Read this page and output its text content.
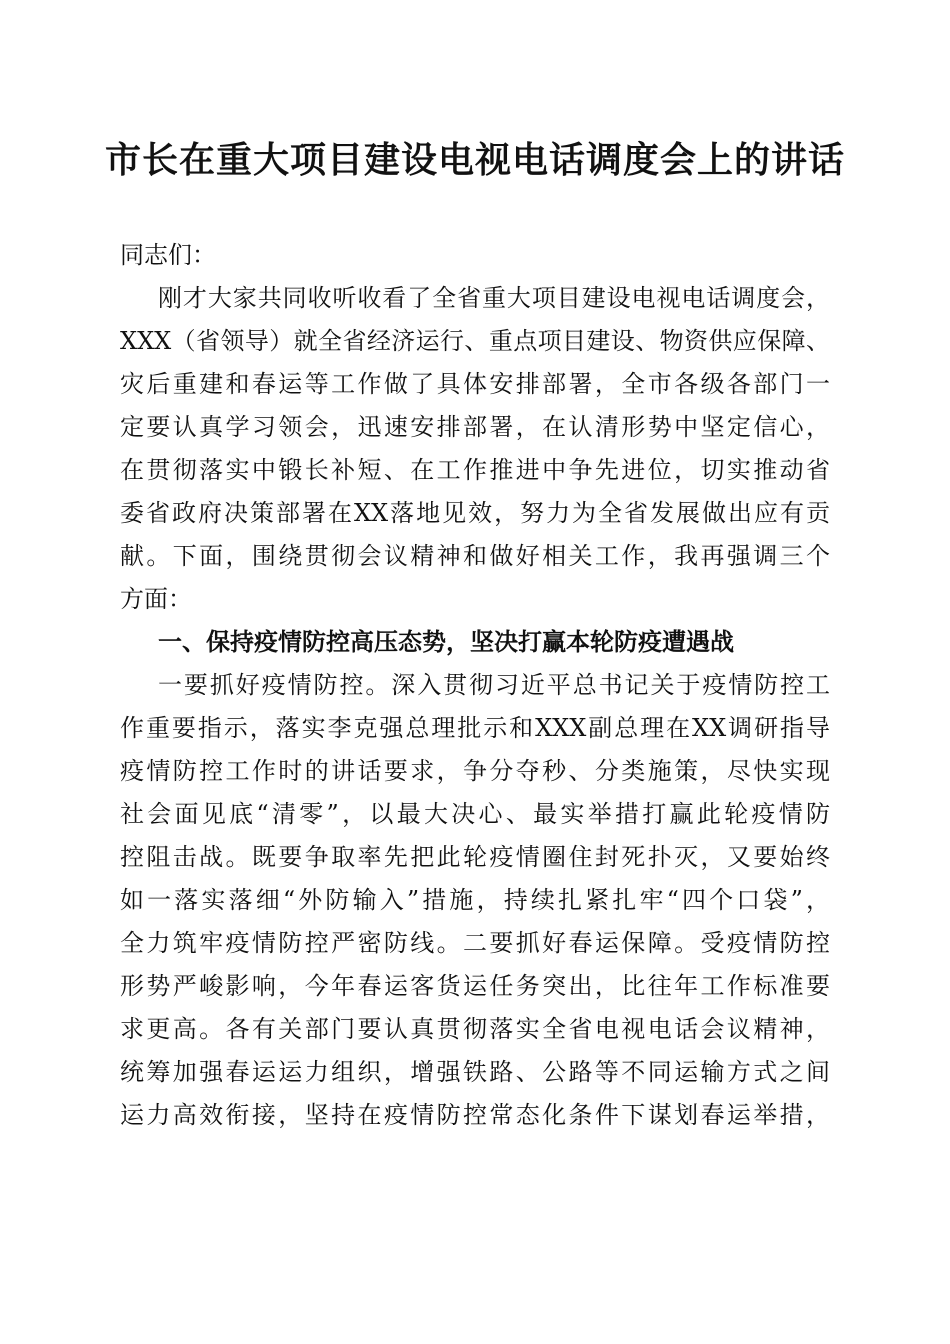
市长在重大项目建设电视电话调度会上的讲话
同志们：
刚才大家共同收听收看了全省重大项目建设电视电话调度会，
XXX（省领导）就全省经济运行、重点项目建设、物资供应保障、
灾后重建和春运等工作做了具体安排部署，全市各级各部门一
定要认真学习领会，迅速安排部署，在认清形势中坚定信心，
在贯彻落实中锻长补短、在工作推进中争先进位，切实推动省
委省政府决策部署在XX落地见效，努力为全省发展做出应有贡
献。下面，围绕贯彻会议精神和做好相关工作，我再强调三个
方面：
一、保持疫情防控高压态势，坚决打赢本轮防疫遭遇战
一要抓好疫情防控。深入贯彻习近平总书记关于疫情防控工
作重要指示，落实李克强总理批示和XXX副总理在XX调研指导
疫情防控工作时的讲话要求，争分夺秒、分类施策，尽快实现
社会面见底“清零”，以最大决心、最实举措打赢此轮疫情防
控阻击战。既要争取率先把此轮疫情圈住封死扑灭，又要始终
如一落实落细“外防输入”措施，持续扎紧扎牢“四个口袋”，
全力筑牢疫情防控严密防线。二要抓好春运保障。受疫情防控
形势严峻影响，今年春运客货运任务突出，比往年工作标准要
求更高。各有关部门要认真贯彻落实全省电视电话会议精神，
统筹加强春运运力组织，增强铁路、公路等不同运输方式之间
运力高效衔接，坚持在疫情防控常态化条件下谋划春运举措，
